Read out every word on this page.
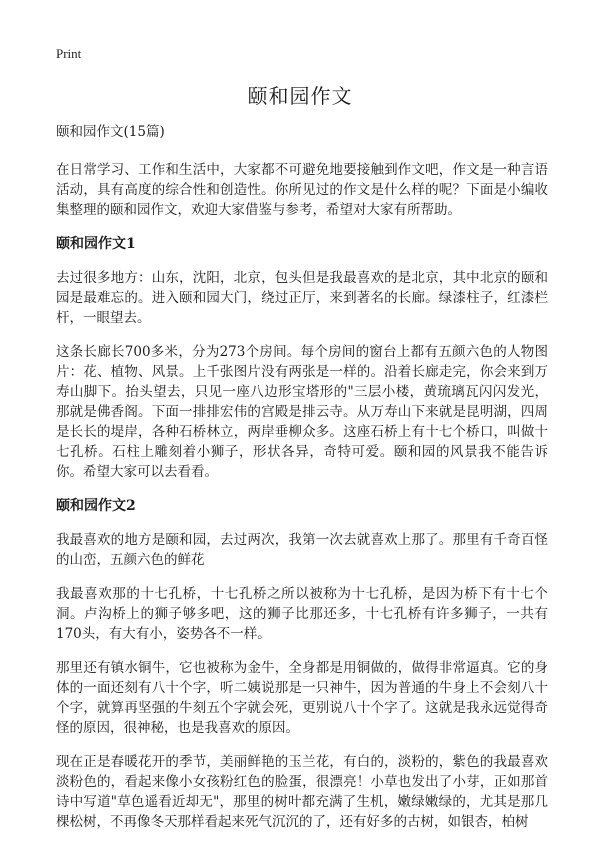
Print
颐和园作文
颐和园作文(15篇)

在日常学习、工作和生活中，大家都不可避免地要接触到作文吧，作文是一种言语活动，具有高度的综合性和创造性。你所见过的作文是什么样的呢？下面是小编收集整理的颐和园作文，欢迎大家借鉴与参考，希望对大家有所帮助。

颐和园作文1

去过很多地方：山东，沈阳，北京，包头但是我最喜欢的是北京，其中北京的颐和园是最难忘的。进入颐和园大门，绕过正厅，来到著名的长廊。绿漆柱子，红漆栏杆，一眼望去。

这条长廊长700多米，分为273个房间。每个房间的窗台上都有五颜六色的人物图片：花、植物、风景。上千张图片没有两张是一样的。沿着长廊走完，你会来到万寿山脚下。抬头望去，只见一座八边形宝塔形的"三层小楼，黄琉璃瓦闪闪发光，那就是佛香阁。下面一排排宏伟的宫殿是排云寺。从万寿山下来就是昆明湖，四周是长长的堤岸，各种石桥林立，两岸垂柳众多。这座石桥上有十七个桥口，叫做十七孔桥。石柱上雕刻着小狮子，形状各异，奇特可爱。颐和园的风景我不能告诉你。希望大家可以去看看。

颐和园作文2

我最喜欢的地方是颐和园，去过两次，我第一次去就喜欢上那了。那里有千奇百怪的山峦，五颜六色的鲜花

我最喜欢那的十七孔桥，十七孔桥之所以被称为十七孔桥，是因为桥下有十七个洞。卢沟桥上的狮子够多吧，这的狮子比那还多，十七孔桥有许多狮子，一共有170头，有大有小，姿势各不一样。

那里还有镇水铜牛，它也被称为金牛，全身都是用铜做的，做得非常逼真。它的身体的一面还刻有八十个字，听二姨说那是一只神牛，因为普通的牛身上不会刻八十个字，就算再坚强的牛刻五个字就会死，更别说八十个字了。这就是我永远觉得奇怪的原因，很神秘，也是我喜欢的原因。

现在正是春暖花开的季节，美丽鲜艳的玉兰花，有白的，淡粉的，紫色的我最喜欢淡粉色的，看起来像小女孩粉红色的脸蛋，很漂亮！小草也发出了小芽，正如那首诗中写道"草色遥看近却无"，那里的树叶都充满了生机，嫩绿嫩绿的，尤其是那几棵松树，不再像冬天那样看起来死气沉沉的了，还有好多的古树，如银杏，柏树
